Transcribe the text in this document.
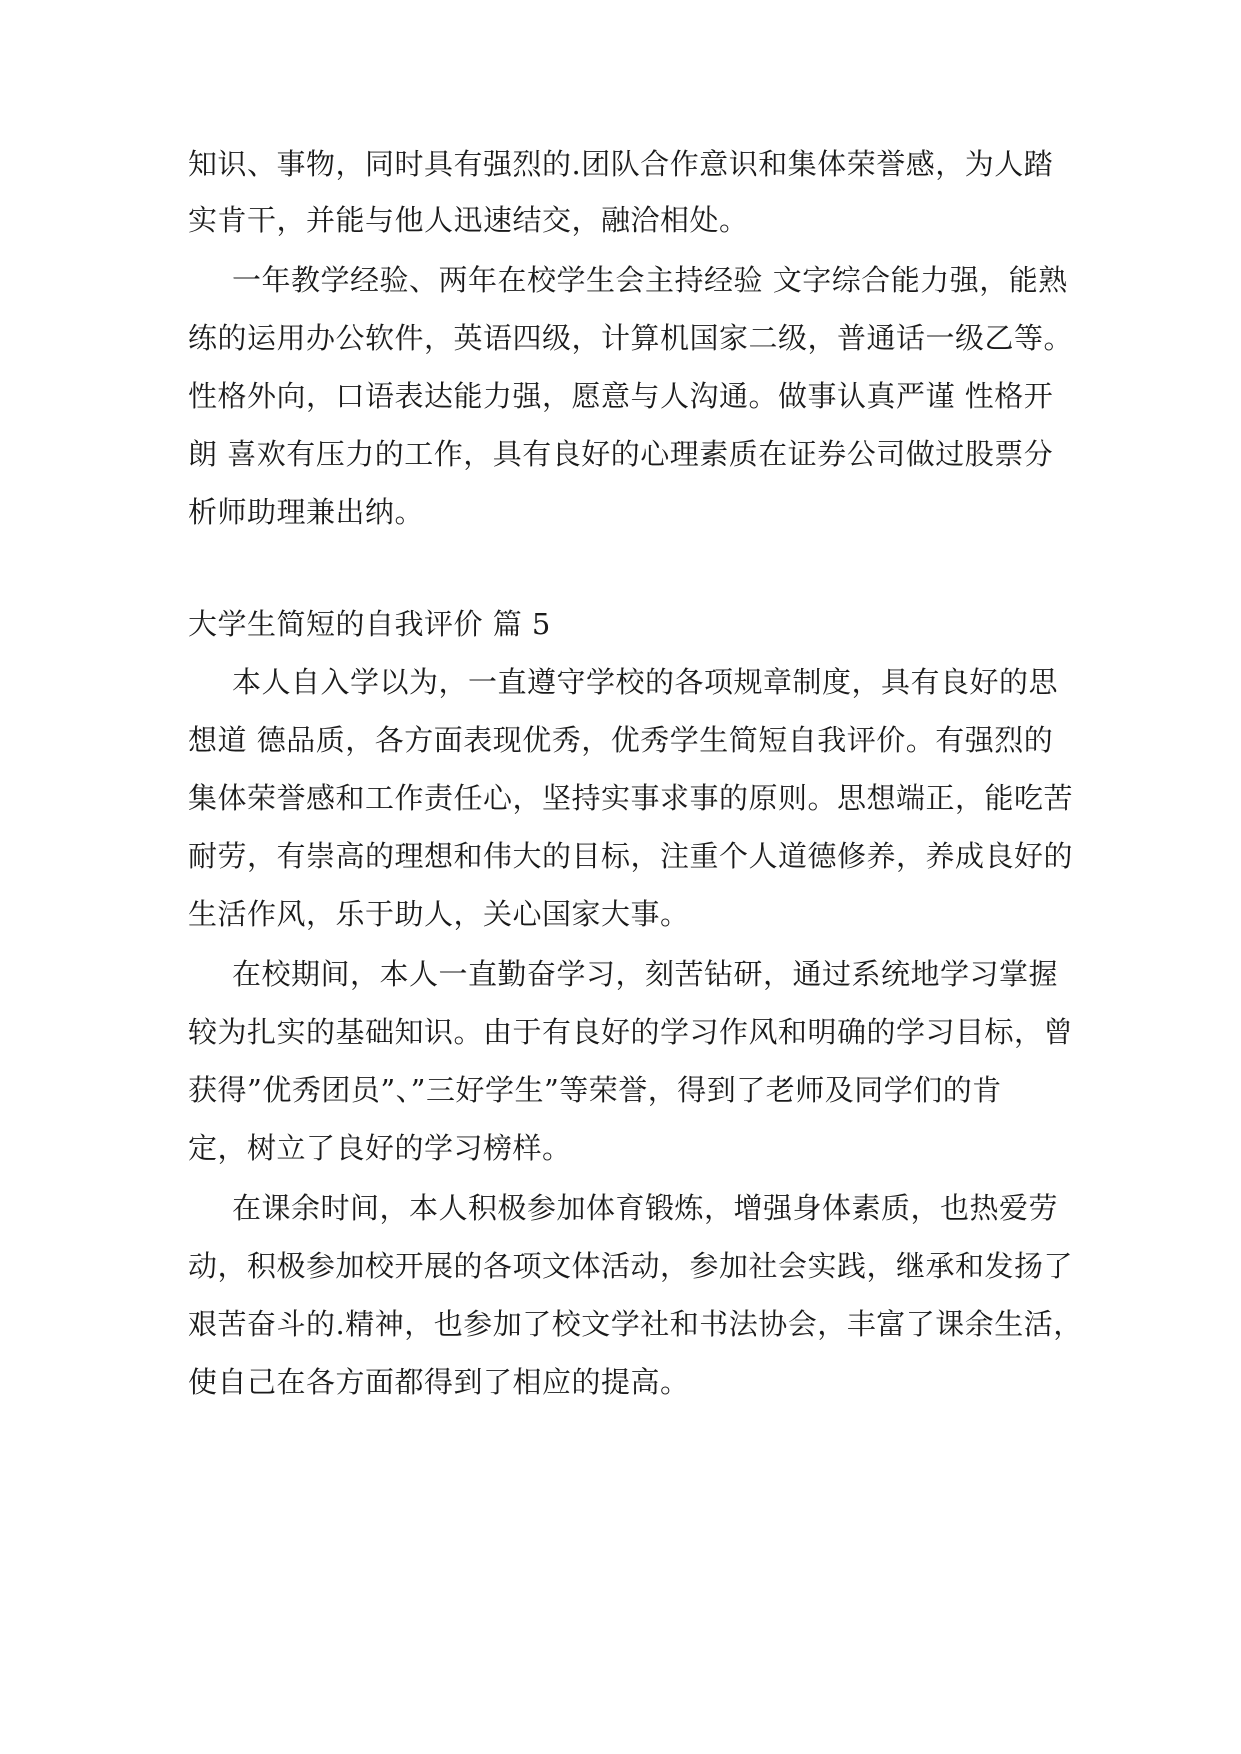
知识、事物，同时具有强烈的.团队合作意识和集体荣誉感，为人踏
实肯干，并能与他人迅速结交，融洽相处。
一年教学经验、两年在校学生会主持经验 文字综合能力强，能熟
练的运用办公软件，英语四级，计算机国家二级，普通话一级乙等。
性格外向，口语表达能力强，愿意与人沟通。做事认真严谨 性格开
朗 喜欢有压力的工作，具有良好的心理素质在证券公司做过股票分
析师助理兼出纳。
大学生简短的自我评价 篇 5
本人自入学以为，一直遵守学校的各项规章制度，具有良好的思
想道 德品质，各方面表现优秀，优秀学生简短自我评价。有强烈的
集体荣誉感和工作责任心，坚持实事求事的原则。思想端正，能吃苦
耐劳，有崇高的理想和伟大的目标，注重个人道德修养，养成良好的
生活作风，乐于助人，关心国家大事。
在校期间，本人一直勤奋学习，刻苦钻研，通过系统地学习掌握
较为扎实的基础知识。由于有良好的学习作风和明确的学习目标，曾
获得”优秀团员”、”三好学生”等荣誉，得到了老师及同学们的肯
定，树立了良好的学习榜样。
在课余时间，本人积极参加体育锻炼，增强身体素质，也热爱劳
动，积极参加校开展的各项文体活动，参加社会实践，继承和发扬了
艰苦奋斗的.精神，也参加了校文学社和书法协会，丰富了课余生活，
使自己在各方面都得到了相应的提高。
